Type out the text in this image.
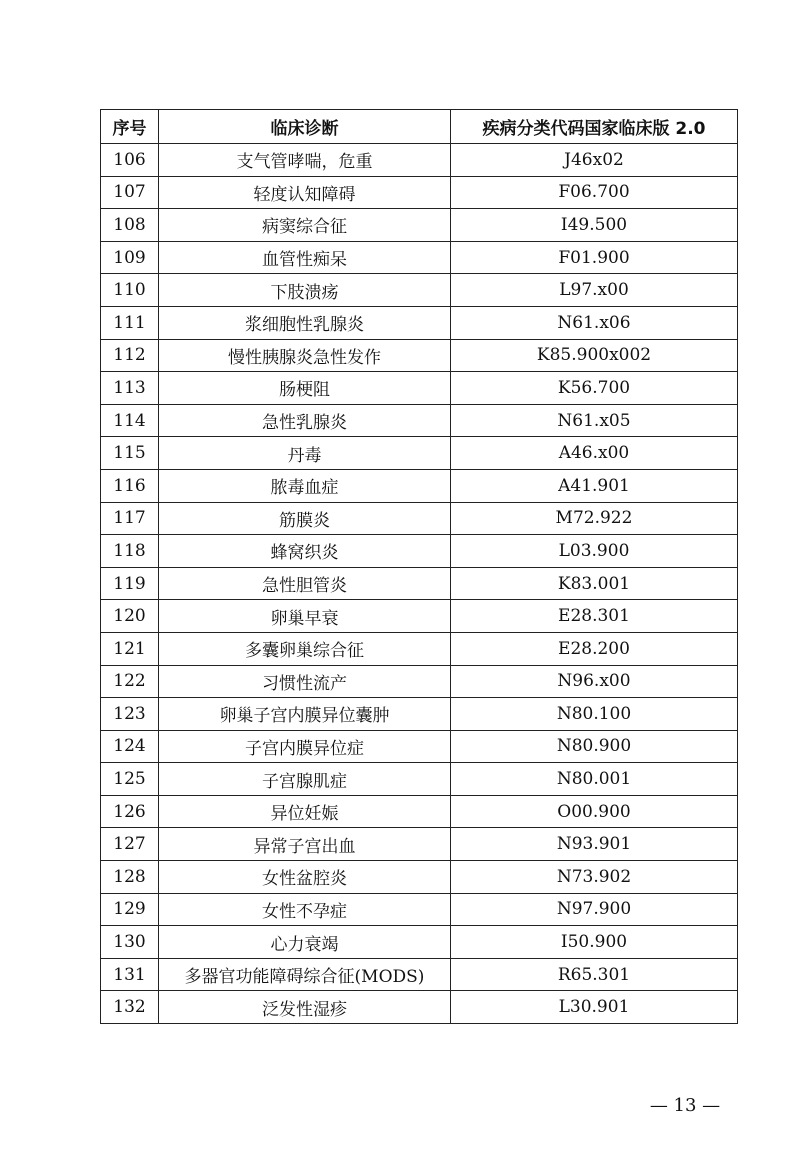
序号	临床诊断	疾病分类代码国家临床版 2.0
106	支气管哮喘，危重	J46x02
107	轻度认知障碍	F06.700
108	病窦综合征	I49.500
109	血管性痴呆	F01.900
110	下肢溃疡	L97.x00
111	浆细胞性乳腺炎	N61.x06
112	慢性胰腺炎急性发作	K85.900x002
113	肠梗阻	K56.700
114	急性乳腺炎	N61.x05
115	丹毒	A46.x00
116	脓毒血症	A41.901
117	筋膜炎	M72.922
118	蜂窝织炎	L03.900
119	急性胆管炎	K83.001
120	卵巢早衰	E28.301
121	多囊卵巢综合征	E28.200
122	习惯性流产	N96.x00
123	卵巢子宫内膜异位囊肿	N80.100
124	子宫内膜异位症	N80.900
125	子宫腺肌症	N80.001
126	异位妊娠	O00.900
127	异常子宫出血	N93.901
128	女性盆腔炎	N73.902
129	女性不孕症	N97.900
130	心力衰竭	I50.900
131	多器官功能障碍综合征(MODS)	R65.301
132	泛发性湿疹	L30.901
— 13 —
